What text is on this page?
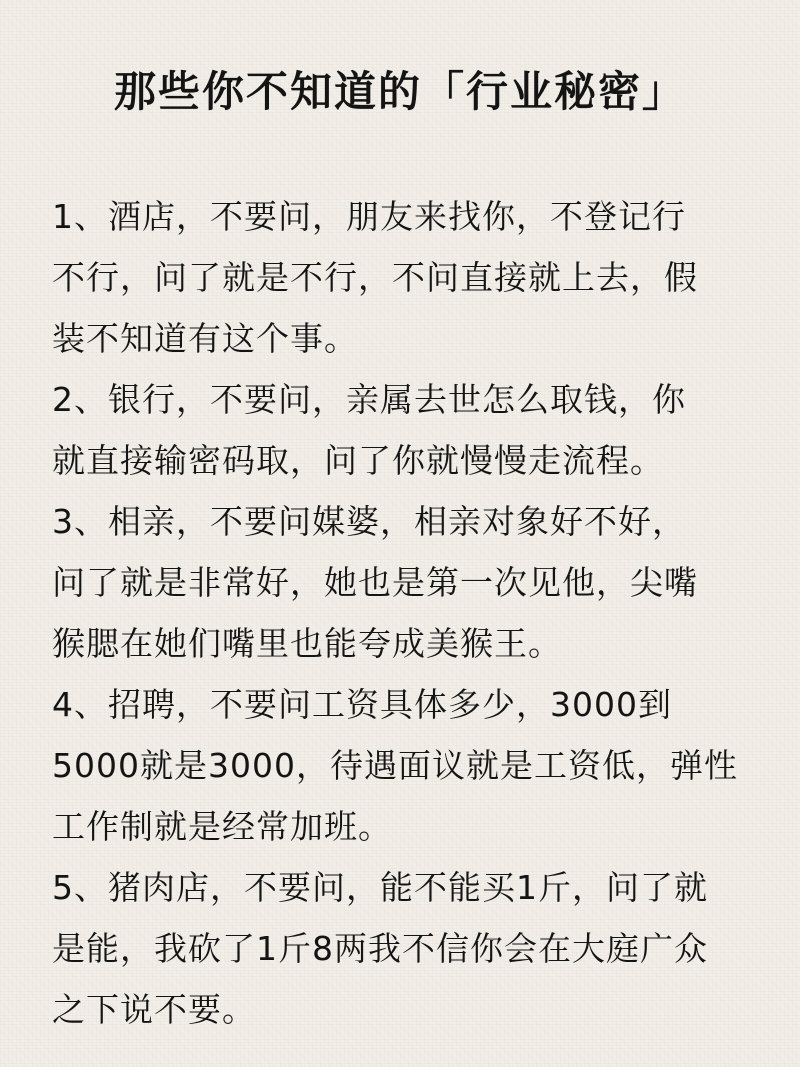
那些你不知道的「行业秘密」

1、酒店，不要问，朋友来找你，不登记行

不行，问了就是不行，不问直接就上去，假

装不知道有这个事。

2、银行，不要问，亲属去世怎么取钱，你

就直接输密码取，问了你就慢慢走流程。

3、相亲，不要问媒婆，相亲对象好不好，

问了就是非常好，她也是第一次见他，尖嘴

猴腮在她们嘴里也能夸成美猴王。

4、招聘，不要问工资具体多少，3000到

5000就是3000，待遇面议就是工资低，弹性

工作制就是经常加班。

5、猪肉店，不要问，能不能买1斤，问了就

是能，我砍了1斤8两我不信你会在大庭广众

之下说不要。
